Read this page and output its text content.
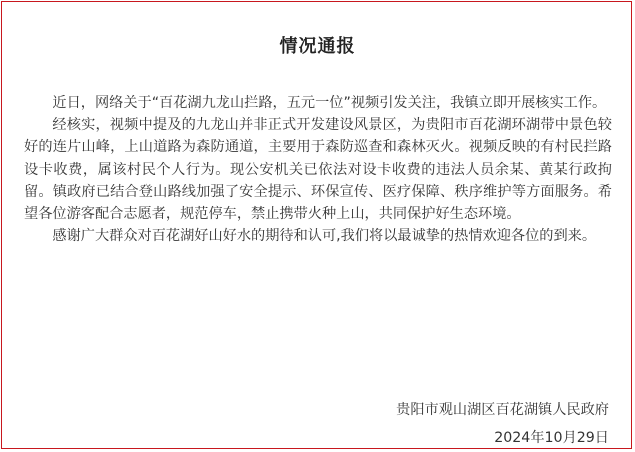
情况通报

近日，网络关于“百花湖九龙山拦路，五元一位”视频引发关注，我镇立即开展核实工作。

经核实，视频中提及的九龙山并非正式开发建设风景区，为贵阳市百花湖环湖带中景色较好的连片山峰，上山道路为森防通道，主要用于森防巡查和森林灭火。视频反映的有村民拦路设卡收费，属该村民个人行为。现公安机关已依法对设卡收费的违法人员余某、黄某行政拘留。镇政府已结合登山路线加强了安全提示、环保宣传、医疗保障、秩序维护等方面服务。希望各位游客配合志愿者，规范停车，禁止携带火种上山，共同保护好生态环境。

感谢广大群众对百花湖好山好水的期待和认可,我们将以最诚挚的热情欢迎各位的到来。

贵阳市观山湖区百花湖镇人民政府
2024年10月29日
